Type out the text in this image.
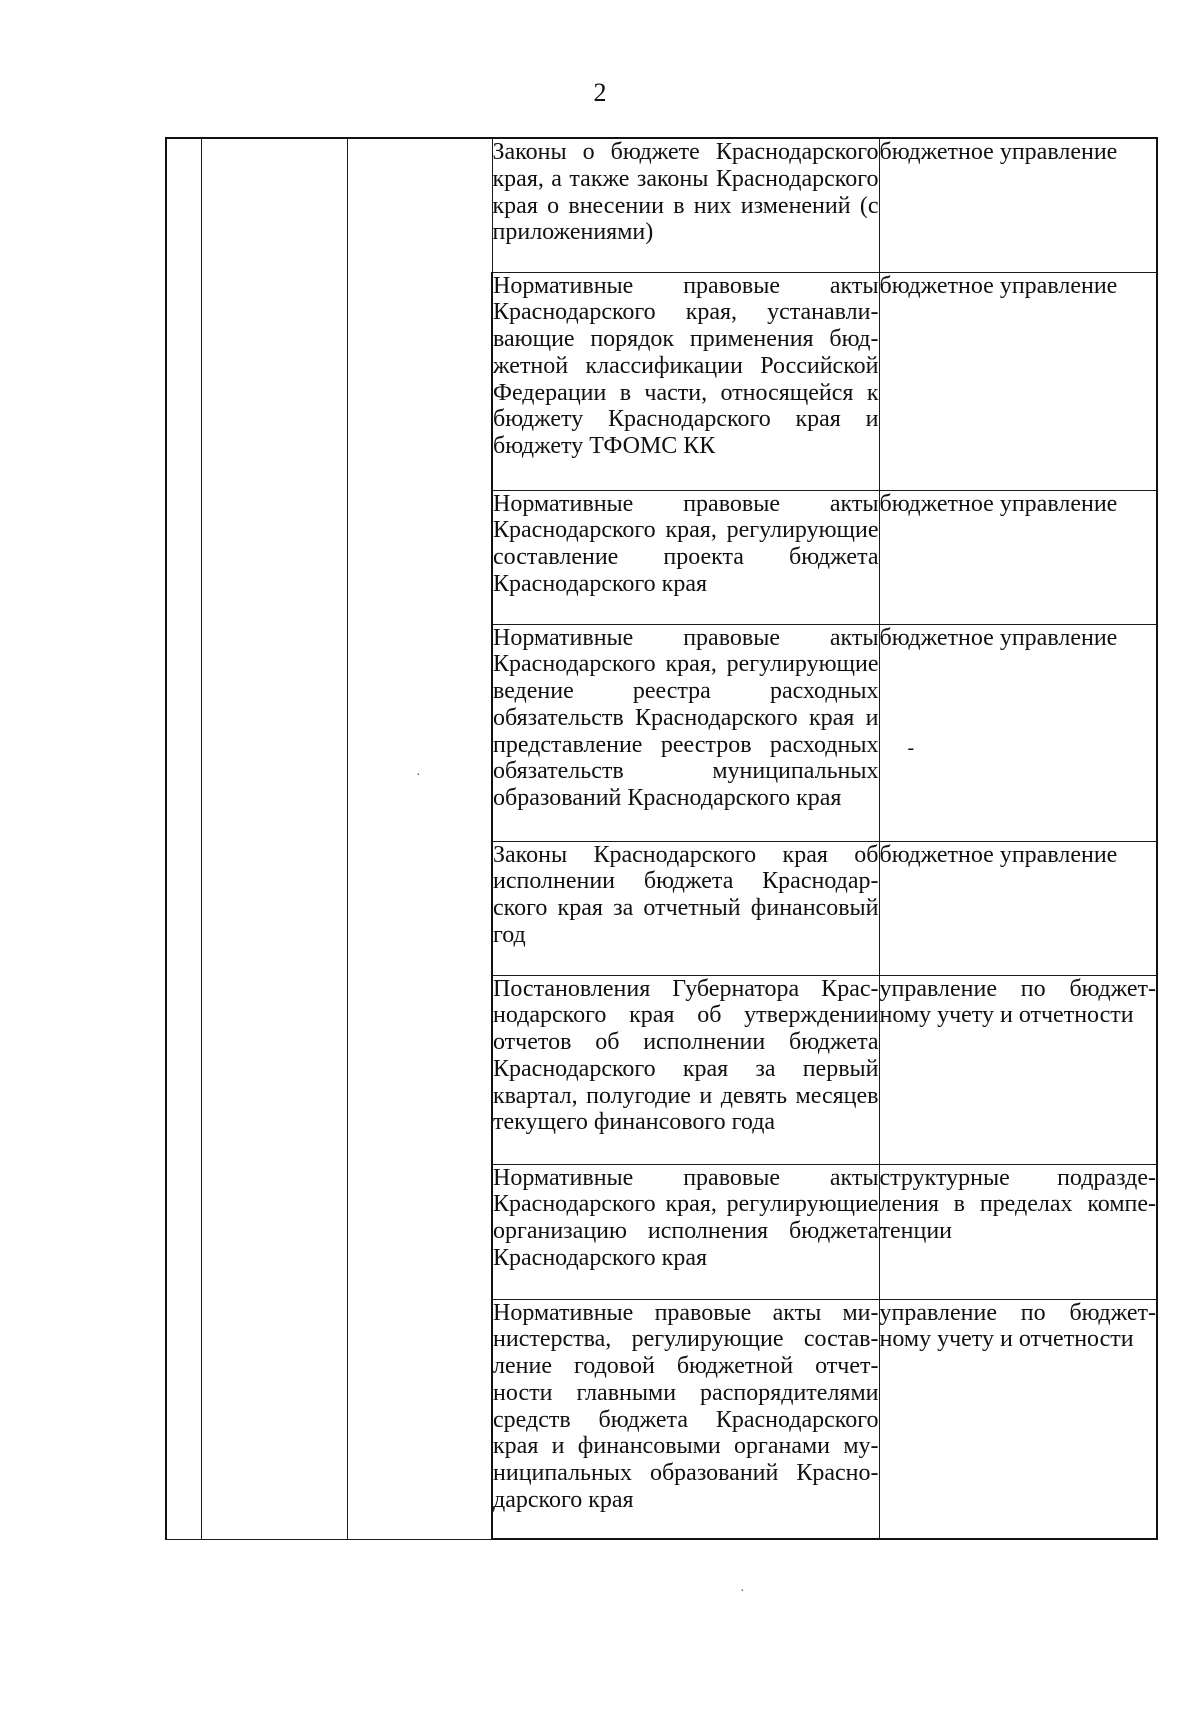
2
			Законы о бюджете Краснодарского края, а также законы Краснодарского края о внесении в них изменений (с приложениями)	бюджетное управление
			Нормативные правовые акты Краснодарского края, устанавливающие порядок применения бюджетной классификации Российской Федерации в части, относящейся к бюджету Краснодарского края и бюджету ТФОМС КК	бюджетное управление
			Нормативные правовые акты Краснодарского края, регулирующие составление проекта бюджета Краснодарского края	бюджетное управление
			Нормативные правовые акты Краснодарского края, регулирующие ведение реестра расходных обязательств Краснодарского края и представление реестров расходных обязательств муниципальных образований Краснодарского края	бюджетное управление
-

			Законы Краснодарского края об исполнении бюджета Краснодарского края за отчетный финансовый год	бюджетное управление
			Постановления Губернатора Краснодарского края об утверждении отчетов об исполнении бюджета Краснодарского края за первый квартал, полугодие и девять месяцев текущего финансового года	управление по бюджетному учету и отчетности
			Нормативные правовые акты Краснодарского края, регулирующие организацию исполнения бюджета Краснодарского края	структурные подразделения в пределах компетенции
			Нормативные правовые акты министерства, регулирующие составление годовой бюджетной отчетности главными распорядителями средств бюджета Краснодарского края и финансовыми органами муниципальных образований Краснодарского края	управление по бюджетному учету и отчетности
·
·
